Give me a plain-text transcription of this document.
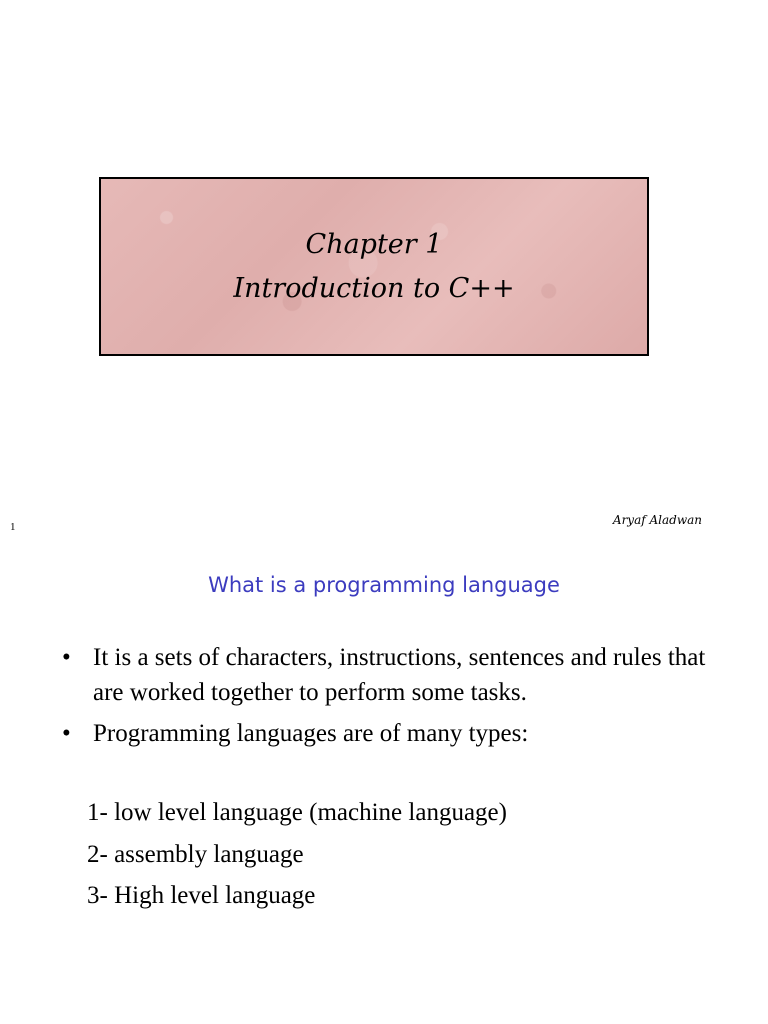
Chapter 1
Introduction to C++
1	Aryaf Aladwan
What is a programming language
• It is a sets of characters, instructions, sentences and rules that are worked together to perform some tasks.
• Programming languages are of many types:
1- low level language (machine language)
2- assembly language
3- High level language
